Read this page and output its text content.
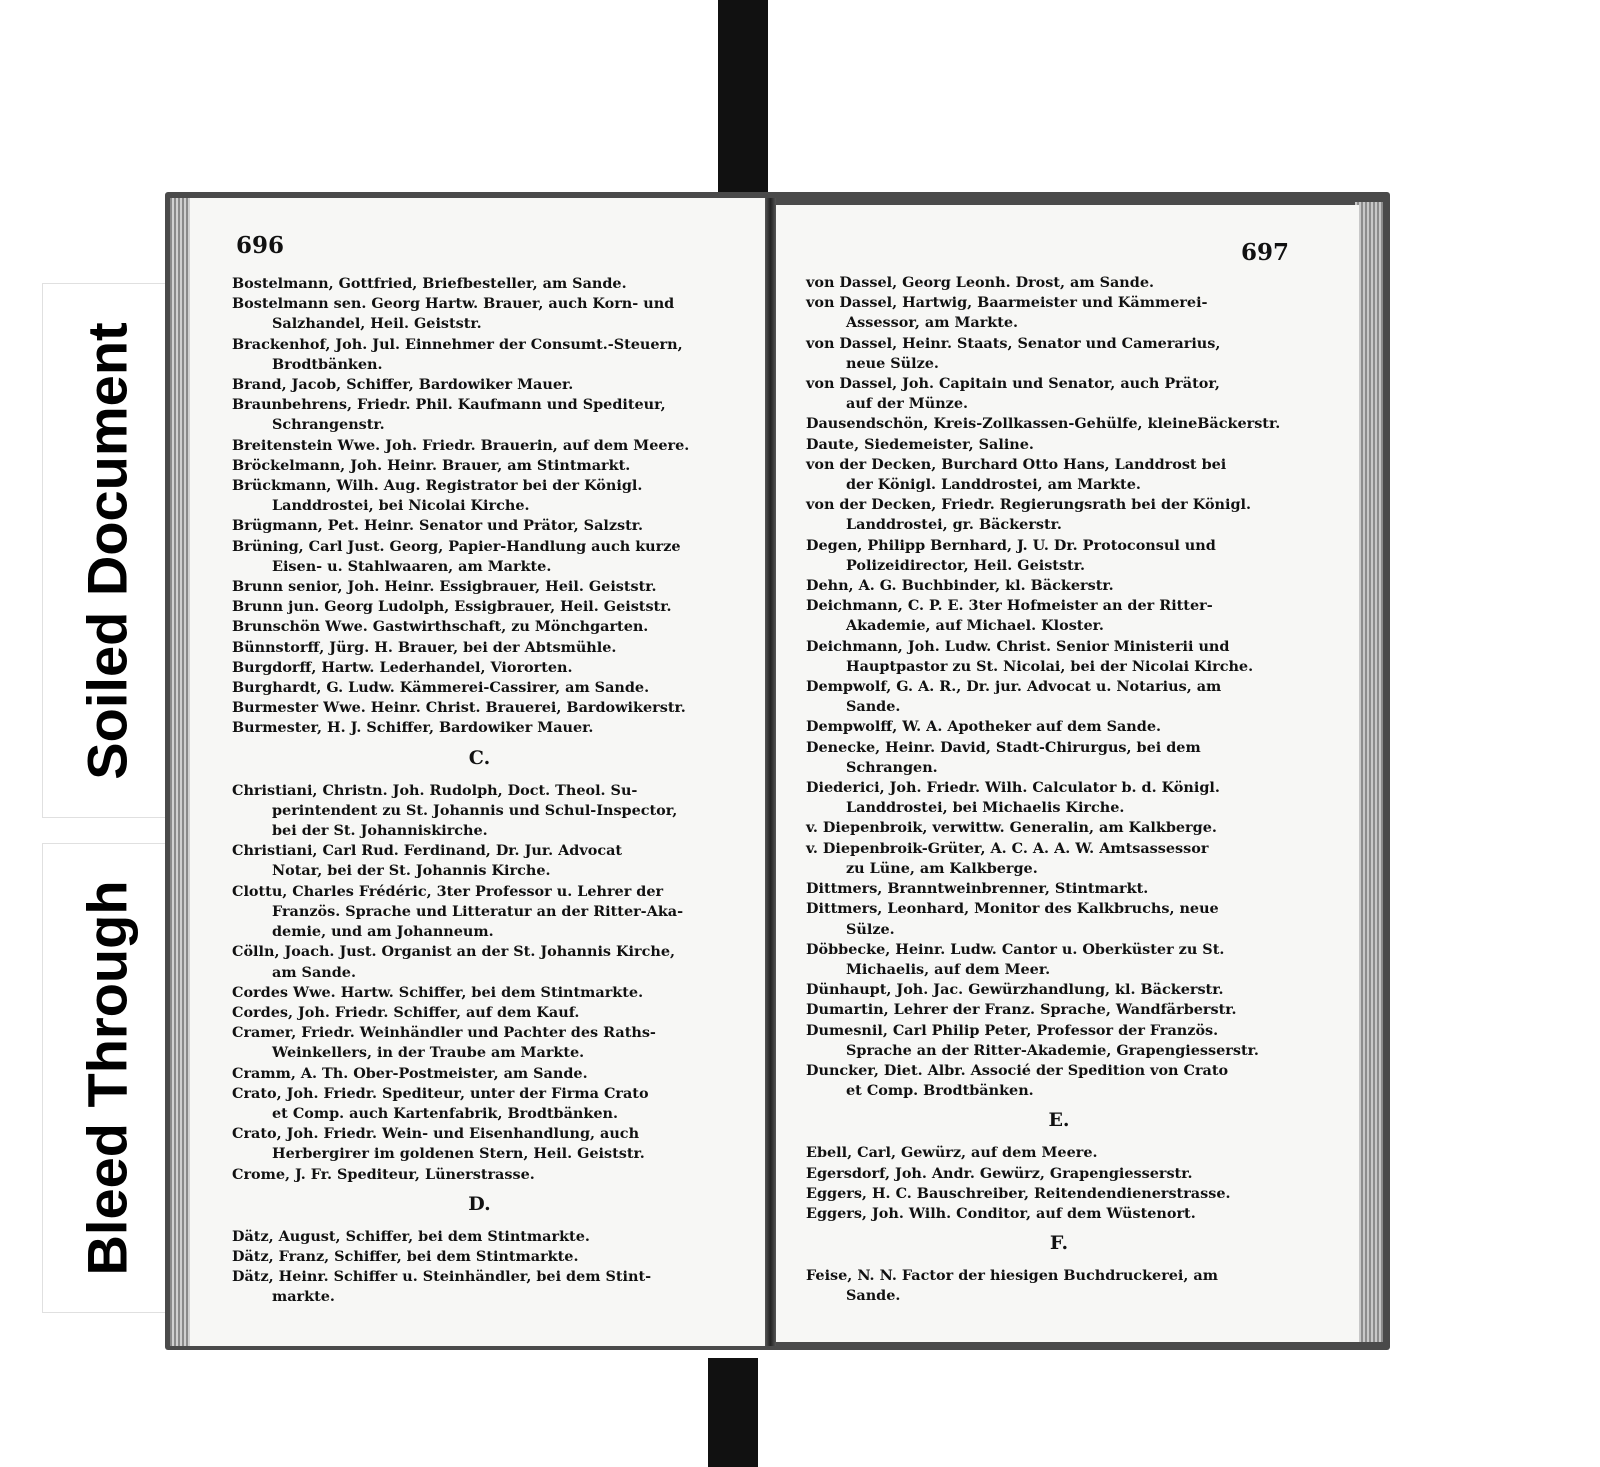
Soiled Document
Bleed Through
696
Bostelmann, Gottfried, Briefbesteller, am Sande.
Bostelmann sen. Georg Hartw. Brauer, auch Korn- und
Salzhandel, Heil. Geiststr.
Brackenhof, Joh. Jul. Einnehmer der Consumt.-Steuern,
Brodtbänken.
Brand, Jacob, Schiffer, Bardowiker Mauer.
Braunbehrens, Friedr. Phil. Kaufmann und Spediteur,
Schrangenstr.
Breitenstein Wwe. Joh. Friedr. Brauerin, auf dem Meere.
Bröckelmann, Joh. Heinr. Brauer, am Stintmarkt.
Brückmann, Wilh. Aug. Registrator bei der Königl.
Landdrostei, bei Nicolai Kirche.
Brügmann, Pet. Heinr. Senator und Prätor, Salzstr.
Brüning, Carl Just. Georg, Papier-Handlung auch kurze
Eisen- u. Stahlwaaren, am Markte.
Brunn senior, Joh. Heinr. Essigbrauer, Heil. Geiststr.
Brunn jun. Georg Ludolph, Essigbrauer, Heil. Geiststr.
Brunschön Wwe. Gastwirthschaft, zu Mönchgarten.
Bünnstorff, Jürg. H. Brauer, bei der Abtsmühle.
Burgdorff, Hartw. Lederhandel, Viororten.
Burghardt, G. Ludw. Kämmerei-Cassirer, am Sande.
Burmester Wwe. Heinr. Christ. Brauerei, Bardowikerstr.
Burmester, H. J. Schiffer, Bardowiker Mauer.
C.
Christiani, Christn. Joh. Rudolph, Doct. Theol. Su-
perintendent zu St. Johannis und Schul-Inspector,
bei der St. Johanniskirche.
Christiani, Carl Rud. Ferdinand, Dr. Jur. Advocat
Notar, bei der St. Johannis Kirche.
Clottu, Charles Frédéric, 3ter Professor u. Lehrer der
Französ. Sprache und Litteratur an der Ritter-Aka-
demie, und am Johanneum.
Cölln, Joach. Just. Organist an der St. Johannis Kirche,
am Sande.
Cordes Wwe. Hartw. Schiffer, bei dem Stintmarkte.
Cordes, Joh. Friedr. Schiffer, auf dem Kauf.
Cramer, Friedr. Weinhändler und Pachter des Raths-
Weinkellers, in der Traube am Markte.
Cramm, A. Th. Ober-Postmeister, am Sande.
Crato, Joh. Friedr. Spediteur, unter der Firma Crato
et Comp. auch Kartenfabrik, Brodtbänken.
Crato, Joh. Friedr. Wein- und Eisenhandlung, auch
Herbergirer im goldenen Stern, Heil. Geiststr.
Crome, J. Fr. Spediteur, Lünerstrasse.
D.
Dätz, August, Schiffer, bei dem Stintmarkte.
Dätz, Franz, Schiffer, bei dem Stintmarkte.
Dätz, Heinr. Schiffer u. Steinhändler, bei dem Stint-
markte.
697
von Dassel, Georg Leonh. Drost, am Sande.
von Dassel, Hartwig, Baarmeister und Kämmerei-
Assessor, am Markte.
von Dassel, Heinr. Staats, Senator und Camerarius,
neue Sülze.
von Dassel, Joh. Capitain und Senator, auch Prätor,
auf der Münze.
Dausendschön, Kreis-Zollkassen-Gehülfe, kleineBäckerstr.
Daute, Siedemeister, Saline.
von der Decken, Burchard Otto Hans, Landdrost bei
der Königl. Landdrostei, am Markte.
von der Decken, Friedr. Regierungsrath bei der Königl.
Landdrostei, gr. Bäckerstr.
Degen, Philipp Bernhard, J. U. Dr. Protoconsul und
Polizeidirector, Heil. Geiststr.
Dehn, A. G. Buchbinder, kl. Bäckerstr.
Deichmann, C. P. E. 3ter Hofmeister an der Ritter-
Akademie, auf Michael. Kloster.
Deichmann, Joh. Ludw. Christ. Senior Ministerii und
Hauptpastor zu St. Nicolai, bei der Nicolai Kirche.
Dempwolf, G. A. R., Dr. jur. Advocat u. Notarius, am
Sande.
Dempwolff, W. A. Apotheker auf dem Sande.
Denecke, Heinr. David, Stadt-Chirurgus, bei dem
Schrangen.
Diederici, Joh. Friedr. Wilh. Calculator b. d. Königl.
Landdrostei, bei Michaelis Kirche.
v. Diepenbroik, verwittw. Generalin, am Kalkberge.
v. Diepenbroik-Grüter, A. C. A. A. W. Amtsassessor
zu Lüne, am Kalkberge.
Dittmers, Branntweinbrenner, Stintmarkt.
Dittmers, Leonhard, Monitor des Kalkbruchs, neue
Sülze.
Döbbecke, Heinr. Ludw. Cantor u. Oberküster zu St.
Michaelis, auf dem Meer.
Dünhaupt, Joh. Jac. Gewürzhandlung, kl. Bäckerstr.
Dumartin, Lehrer der Franz. Sprache, Wandfärberstr.
Dumesnil, Carl Philip Peter, Professor der Französ.
Sprache an der Ritter-Akademie, Grapengiesserstr.
Duncker, Diet. Albr. Associé der Spedition von Crato
et Comp. Brodtbänken.
E.
Ebell, Carl, Gewürz, auf dem Meere.
Egersdorf, Joh. Andr. Gewürz, Grapengiesserstr.
Eggers, H. C. Bauschreiber, Reitendendienerstrasse.
Eggers, Joh. Wilh. Conditor, auf dem Wüstenort.
F.
Feise, N. N. Factor der hiesigen Buchdruckerei, am
Sande.
